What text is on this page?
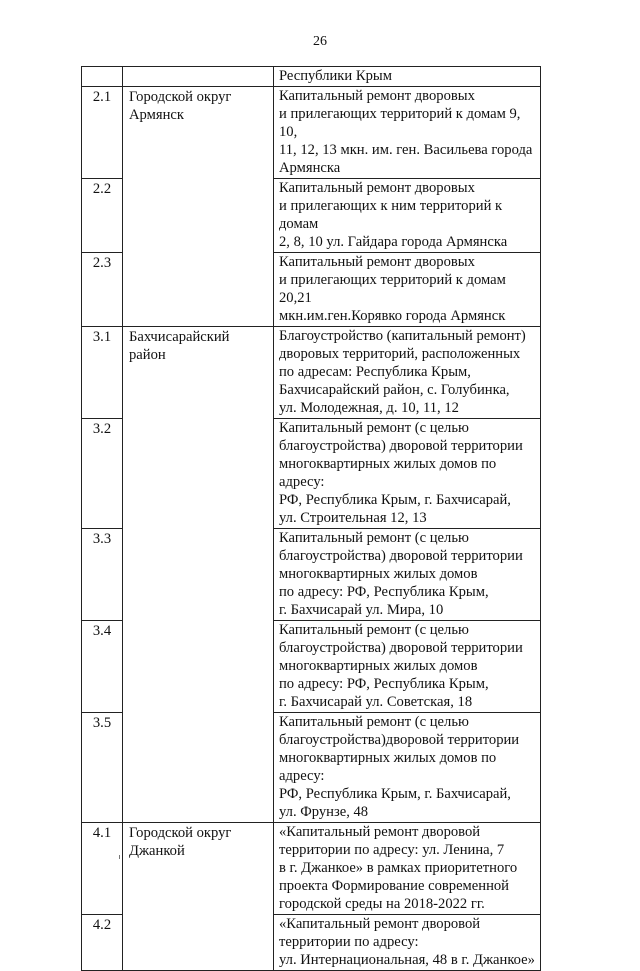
26

		Республики Крым

2.1	Городской округ
Армянск	Капитальный ремонт дворовых
и прилегающих территорий к домам 9, 10,
11, 12, 13 мкн. им. ген. Васильева города
Армянска

2.2		Капитальный ремонт дворовых
и прилегающих к ним территорий к домам
2, 8, 10 ул. Гайдара города Армянска

2.3		Капитальный ремонт дворовых
и прилегающих территорий к домам 20,21
мкн.им.ген.Корявко города Армянск

3.1	Бахчисарайский
район	Благоустройство (капитальный ремонт)
дворовых территорий, расположенных
по адресам: Республика Крым,
Бахчисарайский район, с. Голубинка,
ул. Молодежная, д. 10, 11, 12

3.2		Капитальный ремонт (с целью
благоустройства) дворовой территории
многоквартирных жилых домов по адресу:
РФ, Республика Крым, г. Бахчисарай,
ул. Строительная 12, 13

3.3		Капитальный ремонт (с целью
благоустройства) дворовой территории
многоквартирных жилых домов
по адресу: РФ, Республика Крым,
г. Бахчисарай ул. Мира, 10

3.4		Капитальный ремонт (с целью
благоустройства) дворовой территории
многоквартирных жилых домов
по адресу: РФ, Республика Крым,
г. Бахчисарай ул. Советская, 18

3.5		Капитальный ремонт (с целью
благоустройства)дворовой территории
многоквартирных жилых домов по адресу:
РФ, Республика Крым, г. Бахчисарай,
ул. Фрунзе, 48

4.1	Городской округ
Джанкой	«Капитальный ремонт дворовой
территории по адресу: ул. Ленина, 7
в г. Джанкое» в рамках приоритетного
проекта Формирование современной
городской среды на 2018-2022 гг.

4.2		«Капитальный ремонт дворовой
территории по адресу:
ул. Интернациональная, 48 в г. Джанкое»
